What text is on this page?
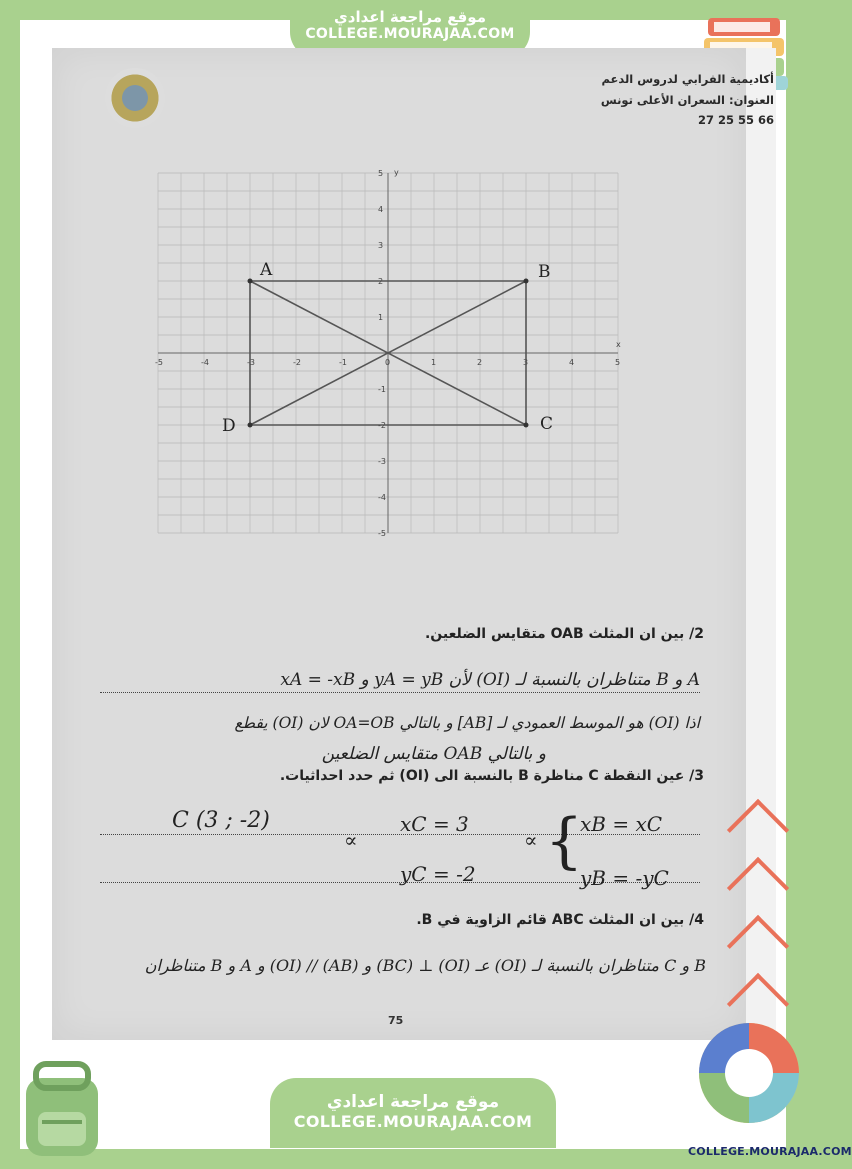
موقع مراجعة اعدادي
COLLEGE.MOURAJAA.COM
أكاديمية الفرابي لدروس الدعم
العنوان: السعران الأعلى تونس
27 25 55 66
-5	-4	-3	-2	-1	0	1	2	3	4	5
5
4
3
2
1
-1
-2
-3
-4
-5
x
y
A	B
C
D
2/ بين ان المثلث OAB متقايس الضلعين.
A و B متناظران بالنسبة لـ (OI) لأن yA = yB و xA = -xB
اذا (OI) هو الموسط العمودي لـ [AB] و بالتالي OA=OB لان (OI) يقطع
و بالتالي OAB متقايس الضلعين
3/ عين النقطة C مناظرة B بالنسبة الى (OI) ثم حدد احداثيات.
C (3 ; -2)
∝
xC = 3
yC = -2
∝ {
xB = xC
yB = -yC
4/ بين ان المثلث ABC قائم الزاوية في B.
B و C متناظران بالنسبة لـ (OI) عـ (OI) ⊥ (BC) و (AB) // (OI) و A و B متناظران
75
موقع مراجعة اعدادي
COLLEGE.MOURAJAA.COM
COLLEGE.MOURAJAA.COM
